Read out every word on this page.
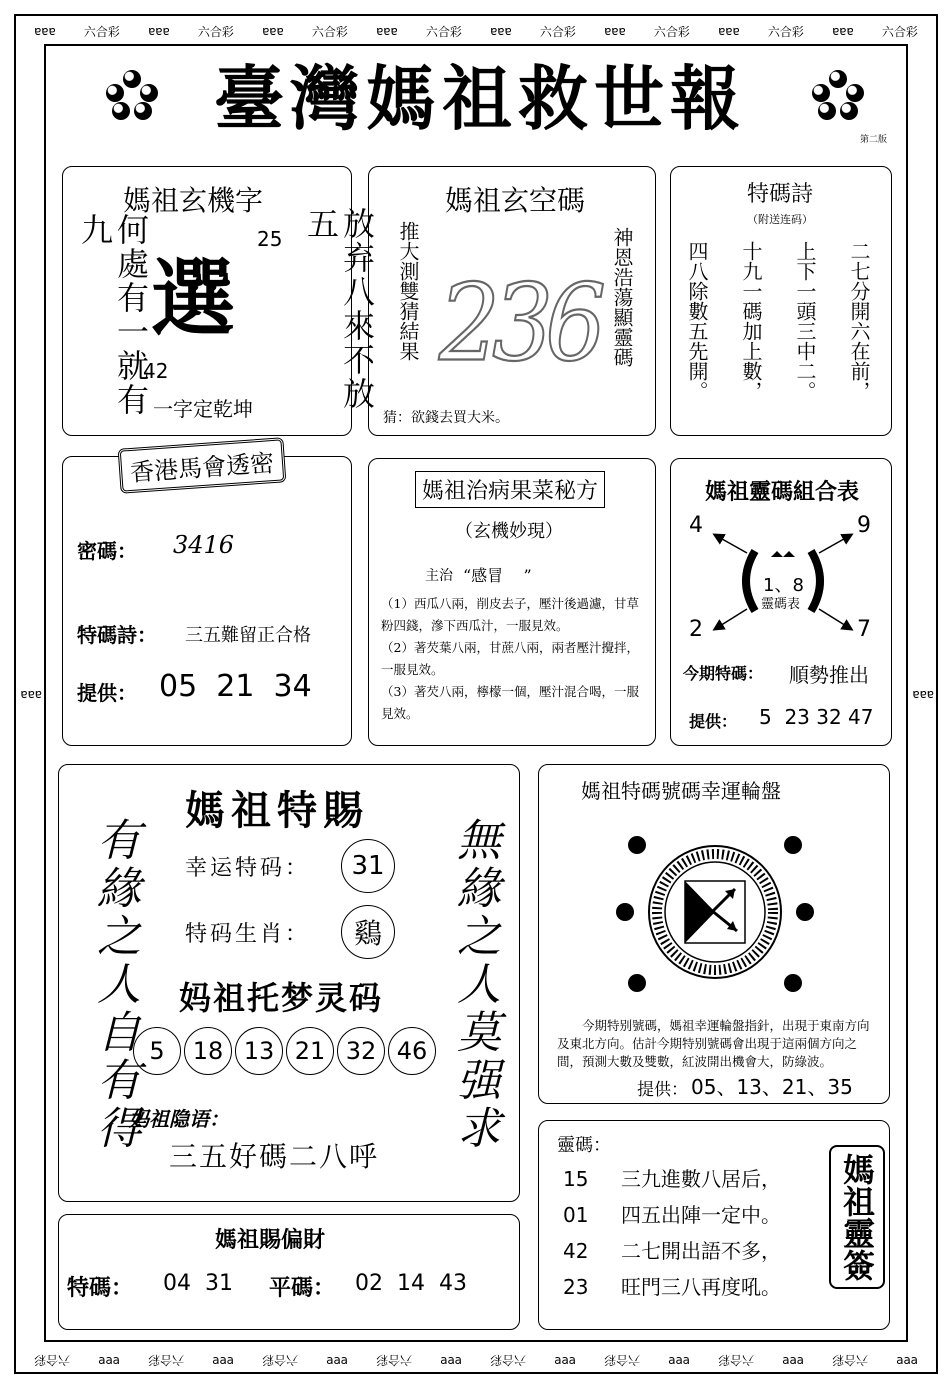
ɐɐɐ 六合彩 ɐɐɐ 六合彩 ɐɐɐ 六合彩 ɐɐɐ 六合彩 ɐɐɐ 六合彩 ɐɐɐ 六合彩 ɐɐɐ 六合彩 ɐɐɐ 六合彩
ɐɐɐ
六合彩
ɐɐɐ
六合彩
ɐɐɐ
六合彩
ɐɐɐ
六合彩
ɐɐɐ
六合彩
ɐɐɐ
六合彩
ɐɐɐ
六合彩
ɐɐɐ
六合彩
ɐɐɐ	ɐɐɐ
臺灣媽祖救世報	第二版
媽祖玄機字
何處有一就有九	放弃八來不放五
選
25
42
一字定乾坤
媽祖玄空碼
推大測雙猜結果	神恩浩蕩顯靈碼
236
猜：欲錢去買大米。
特碼詩
（附送连码）
二七分開六在前，
上下一頭三中二。
十九一碼加上數，
四八除數五先開。
香港馬會透密
密碼： 3416
特碼詩： 三五難留正合格
提供： 05  21  34
媽祖治病果菜秘方
（玄機妙現）
主治 “感冒    ”
（1）西瓜八兩，削皮去子，壓汁後過濾，甘草粉四錢，滲下西瓜汁，一服見效。
（2）著芡葉八兩，甘蔗八兩，兩者壓汁攪拌，一服見效。
（3）著芡八兩，檸檬一個，壓汁混合喝，一服見效。
媽祖靈碼組合表
4	9
2	7
1、8
靈碼表
今期特碼： 順勢推出
提供： 5  23 32 47
媽祖特賜
有緣之人自有得	無緣之人莫强求
幸运特码：	31
特码生肖：	鷄
妈祖托梦灵码
5	18 13 21 32 46
妈祖隐语：
三五好碼二八呼
媽祖特碼號碼幸運輪盤
今期特别號碼，媽祖幸運輪盤指針，出現于東南方向及東北方向。估計今期特别號碼會出現于這兩個方向之間，預測大數及雙數，紅波開出機會大，防綠波。
提供： 05、13、21、35
媽祖賜偏財
特碼： 04  31 平碼： 02  14  43
靈碼：
15 三九進數八居后，
01 四五出陣一定中。
42 二七開出語不多，
23 旺門三八再度吼。
媽祖靈簽
